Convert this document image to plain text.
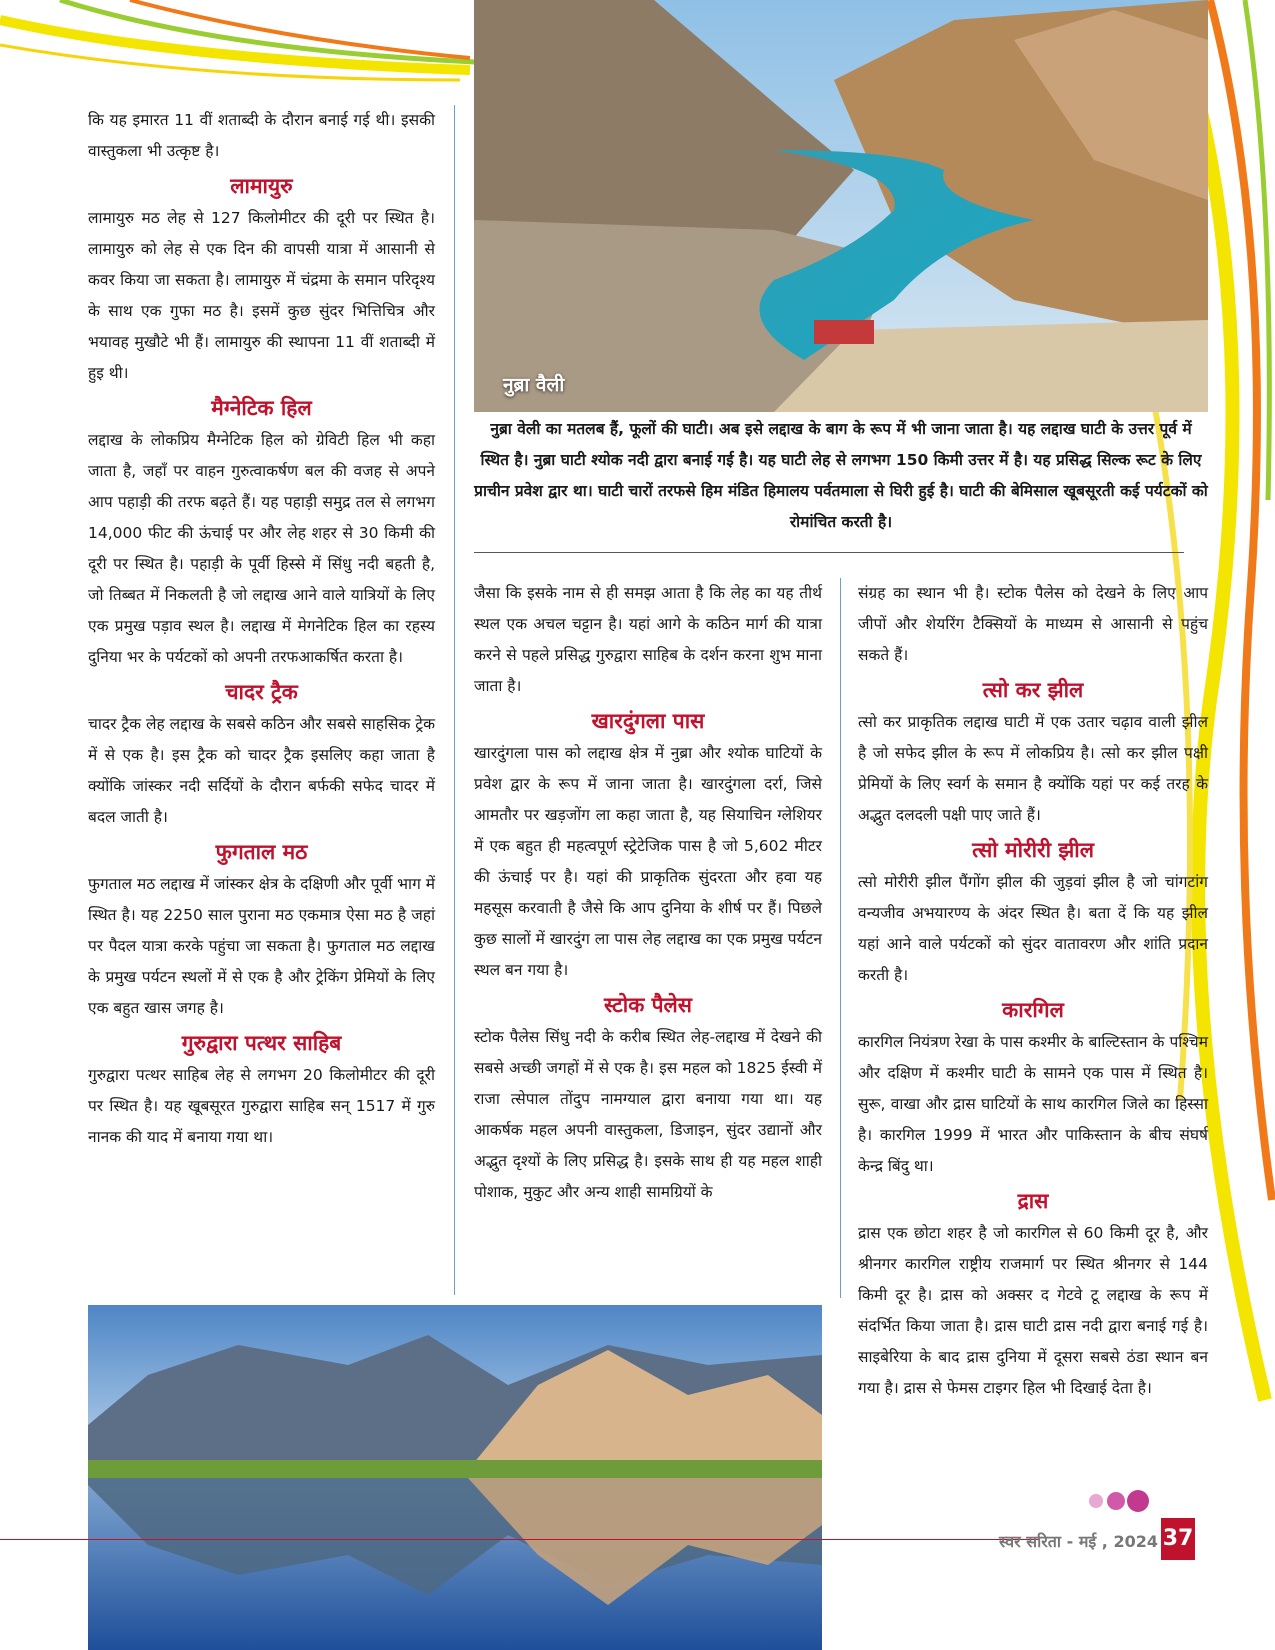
नुब्रा वैली
नुब्रा वेली का मतलब हैं, फूलों की घाटी। अब इसे लद्दाख के बाग के रूप में भी जाना जाता है। यह लद्दाख घाटी के उत्तर पूर्व में स्थित है। नुब्रा घाटी श्योक नदी द्वारा बनाई गई है। यह घाटी लेह से लगभग 150 किमी उत्तर में है। यह प्रसिद्ध सिल्क रूट के लिए प्राचीन प्रवेश द्वार था। घाटी चारों तरफसे हिम मंडित हिमालय पर्वतमाला से घिरी हुई है। घाटी की बेमिसाल खूबसूरती कई पर्यटकों को रोमांचित करती है।

कि यह इमारत 11 वीं शताब्दी के दौरान बनाई गई थी। इसकी वास्तुकला भी उत्कृष्ट है।

लामायुरु

लामायुरु मठ लेह से 127 किलोमीटर की दूरी पर स्थित है। लामायुरु को लेह से एक दिन की वापसी यात्रा में आसानी से कवर किया जा सकता है। लामायुरु में चंद्रमा के समान परिदृश्य के साथ एक गुफा मठ है। इसमें कुछ सुंदर भित्तिचित्र और भयावह मुखौटे भी हैं। लामायुरु की स्थापना 11 वीं शताब्दी में हुइ थी।

मैग्नेटिक हिल

लद्दाख के लोकप्रिय मैग्नेटिक हिल को ग्रेविटी हिल भी कहा जाता है, जहाँ पर वाहन गुरुत्वाकर्षण बल की वजह से अपने आप पहाड़ी की तरफ बढ़ते हैं। यह पहाड़ी समुद्र तल से लगभग 14,000 फीट की ऊंचाई पर और लेह शहर से 30 किमी की दूरी पर स्थित है। पहाड़ी के पूर्वी हिस्से में सिंधु नदी बहती है, जो तिब्बत में निकलती है जो लद्दाख आने वाले यात्रियों के लिए एक प्रमुख पड़ाव स्थल है। लद्दाख में मेगनेटिक हिल का रहस्य दुनिया भर के पर्यटकों को अपनी तरफआकर्षित करता है।

चादर ट्रैक

चादर ट्रैक लेह लद्दाख के सबसे कठिन और सबसे साहसिक ट्रेक में से एक है। इस ट्रैक को चादर ट्रैक इसलिए कहा जाता है क्योंकि जांस्कर नदी सर्दियों के दौरान बर्फकी सफेद चादर में बदल जाती है।

फुगताल मठ

फुगताल मठ लद्दाख में जांस्कर क्षेत्र के दक्षिणी और पूर्वी भाग में स्थित है। यह 2250 साल पुराना मठ एकमात्र ऐसा मठ है जहां पर पैदल यात्रा करके पहुंचा जा सकता है। फुगताल मठ लद्दाख के प्रमुख पर्यटन स्थलों में से एक है और ट्रेकिंग प्रेमियों के लिए एक बहुत खास जगह है।

गुरुद्वारा पत्थर साहिब

गुरुद्वारा पत्थर साहिब लेह से लगभग 20 किलोमीटर की दूरी पर स्थित है। यह खूबसूरत गुरुद्वारा साहिब सन् 1517 में गुरु नानक की याद में बनाया गया था।

जैसा कि इसके नाम से ही समझ आता है कि लेह का यह तीर्थ स्थल एक अचल चट्टान है। यहां आगे के कठिन मार्ग की यात्रा करने से पहले प्रसिद्ध गुरुद्वारा साहिब के दर्शन करना शुभ माना जाता है।

खारदुंगला पास

खारदुंगला पास को लद्दाख क्षेत्र में नुब्रा और श्योक घाटियों के प्रवेश द्वार के रूप में जाना जाता है। खारदुंगला दर्रा, जिसे आमतौर पर खड़जोंग ला कहा जाता है, यह सियाचिन ग्लेशियर में एक बहुत ही महत्वपूर्ण स्ट्रेटेजिक पास है जो 5,602 मीटर की ऊंचाई पर है। यहां की प्राकृतिक सुंदरता और हवा यह महसूस करवाती है जैसे कि आप दुनिया के शीर्ष पर हैं। पिछले कुछ सालों में खारदुंग ला पास लेह लद्दाख का एक प्रमुख पर्यटन स्थल बन गया है।

स्टोक पैलेस

स्टोक पैलेस सिंधु नदी के करीब स्थित लेह-लद्दाख में देखने की सबसे अच्छी जगहों में से एक है। इस महल को 1825 ईस्वी में राजा त्सेपाल तोंदुप नामग्याल द्वारा बनाया गया था। यह आकर्षक महल अपनी वास्तुकला, डिजाइन, सुंदर उद्यानों और अद्भुत दृश्यों के लिए प्रसिद्ध है। इसके साथ ही यह महल शाही पोशाक, मुकुट और अन्य शाही सामग्रियों के

संग्रह का स्थान भी है। स्टोक पैलेस को देखने के लिए आप जीपों और शेयरिंग टैक्सियों के माध्यम से आसानी से पहुंच सकते हैं।

त्सो कर झील

त्सो कर प्राकृतिक लद्दाख घाटी में एक उतार चढ़ाव वाली झील है जो सफेद झील के रूप में लोकप्रिय है। त्सो कर झील पक्षी प्रेमियों के लिए स्वर्ग के समान है क्योंकि यहां पर कई तरह के अद्भुत दलदली पक्षी पाए जाते हैं।

त्सो मोरीरी झील

त्सो मोरीरी झील पैंगोंग झील की जुड़वां झील है जो चांगटांग वन्यजीव अभयारण्य के अंदर स्थित है। बता दें कि यह झील यहां आने वाले पर्यटकों को सुंदर वातावरण और शांति प्रदान करती है।

कारगिल

कारगिल नियंत्रण रेखा के पास कश्मीर के बाल्टिस्तान के पश्चिम और दक्षिण में कश्मीर घाटी के सामने एक पास में स्थित है। सुरू, वाखा और द्रास घाटियों के साथ कारगिल जिले का हिस्सा है। कारगिल 1999 में भारत और पाकिस्तान के बीच संघर्ष केन्द्र बिंदु था।

द्रास

द्रास एक छोटा शहर है जो कारगिल से 60 किमी दूर है, और श्रीनगर कारगिल राष्ट्रीय राजमार्ग पर स्थित श्रीनगर से 144 किमी दूर है। द्रास को अक्सर द गेटवे टू लद्दाख के रूप में संदर्भित किया जाता है। द्रास घाटी द्रास नदी द्वारा बनाई गई है। साइबेरिया के बाद द्रास दुनिया में दूसरा सबसे ठंडा स्थान बन गया है। द्रास से फेमस टाइगर हिल भी दिखाई देता है।

स्वर सरिता - मई , 2024 37
